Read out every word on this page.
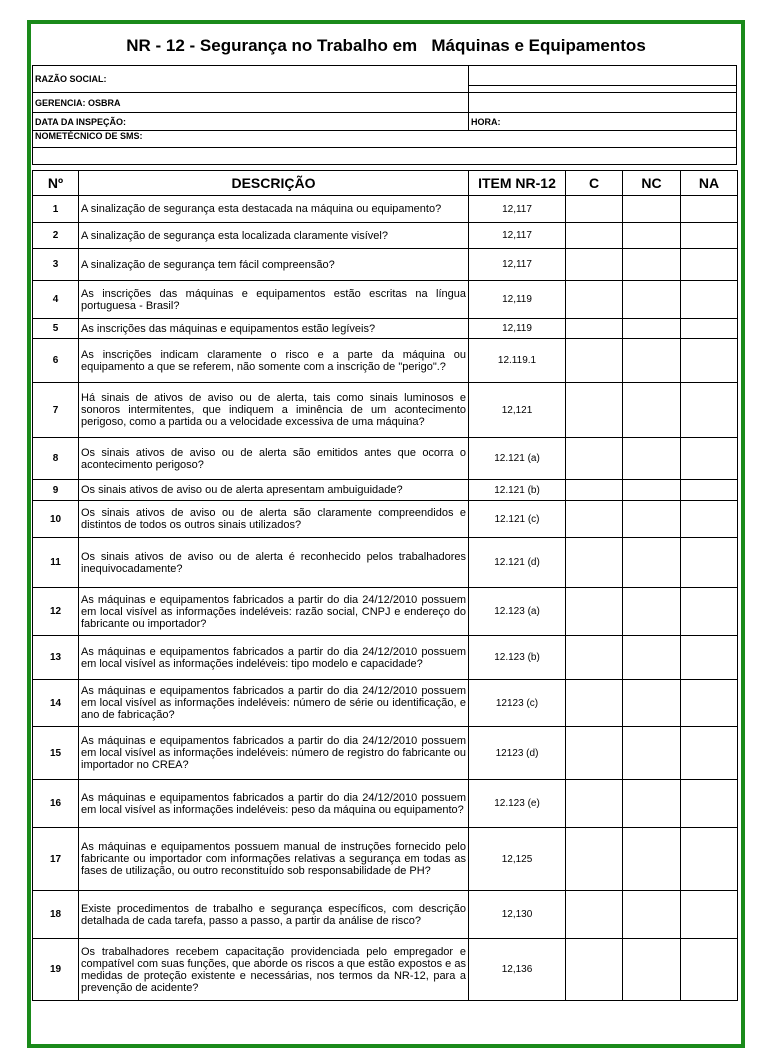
NR - 12 - Segurança no Trabalho em   Máquinas e Equipamentos
RAZÃO SOCIAL:	

GERENCIA: OSBRA	
DATA DA INSPEÇÃO:	HORA:
NOMETÉCNICO DE SMS:

Nº	DESCRIÇÃO	ITEM NR-12	C	NC	NA
1	A sinalização de segurança esta destacada na máquina ou equipamento?	12,117			
2	A sinalização de segurança esta localizada claramente visível?	12,117			
3	A sinalização de segurança tem fácil compreensão?	12,117			
4	As inscrições das máquinas e equipamentos estão escritas na língua portuguesa - Brasil?	12,119			
5	As inscrições das máquinas e equipamentos estão legíveis?	12,119			
6	As inscrições indicam claramente o risco e a parte da máquina ou equipamento a que se referem, não somente com a inscrição de "perigo".?	12.119.1			
7	Há sinais de ativos de aviso ou de alerta, tais como sinais luminosos e sonoros intermitentes, que indiquem a iminência de um acontecimento perigoso, como a partida ou a velocidade excessiva de uma máquina?	12,121			
8	Os sinais ativos de aviso ou de alerta são emitidos antes que ocorra o acontecimento perigoso?	12.121 (a)			
9	Os sinais ativos de aviso ou de alerta apresentam ambuiguidade?	12.121 (b)			
10	Os sinais ativos de aviso ou de alerta são claramente compreendidos e distintos de todos os outros sinais utilizados?	12.121 (c)			
11	Os sinais ativos de aviso ou de alerta é reconhecido pelos trabalhadores inequivocadamente?	12.121 (d)			
12	As máquinas e equipamentos fabricados a partir do dia 24/12/2010 possuem em local visível as informações indeléveis: razão social, CNPJ e endereço do fabricante ou importador?	12.123 (a)			
13	As máquinas e equipamentos fabricados a partir do dia 24/12/2010 possuem em local visível as informações indeléveis: tipo modelo e capacidade?	12.123 (b)			
14	As máquinas e equipamentos fabricados a partir do dia 24/12/2010 possuem em local visível as informações indeléveis: número de série ou identificação, e ano de fabricação?	12123 (c)			
15	As máquinas e equipamentos fabricados a partir do dia 24/12/2010 possuem em local visível as informações indeléveis: número de registro do fabricante ou importador no CREA?	12123 (d)			
16	As máquinas e equipamentos fabricados a partir do dia 24/12/2010 possuem em local visível as informações indeléveis: peso da máquina ou equipamento?	12.123 (e)			
17	As máquinas e equipamentos possuem manual de instruções fornecido pelo fabricante ou importador com informações relativas a segurança em todas as fases de utilização, ou outro reconstituído sob responsabilidade de PH?	12,125			
18	Existe procedimentos de trabalho e segurança específicos, com descrição detalhada de cada tarefa, passo a passo, a partir da análise de risco?	12,130			
19	Os trabalhadores recebem capacitação providenciada pelo empregador e compatível com suas funções, que aborde os riscos a que estão expostos e as medidas de proteção existente e necessárias, nos termos da NR-12, para a prevenção de acidente?	12,136			
